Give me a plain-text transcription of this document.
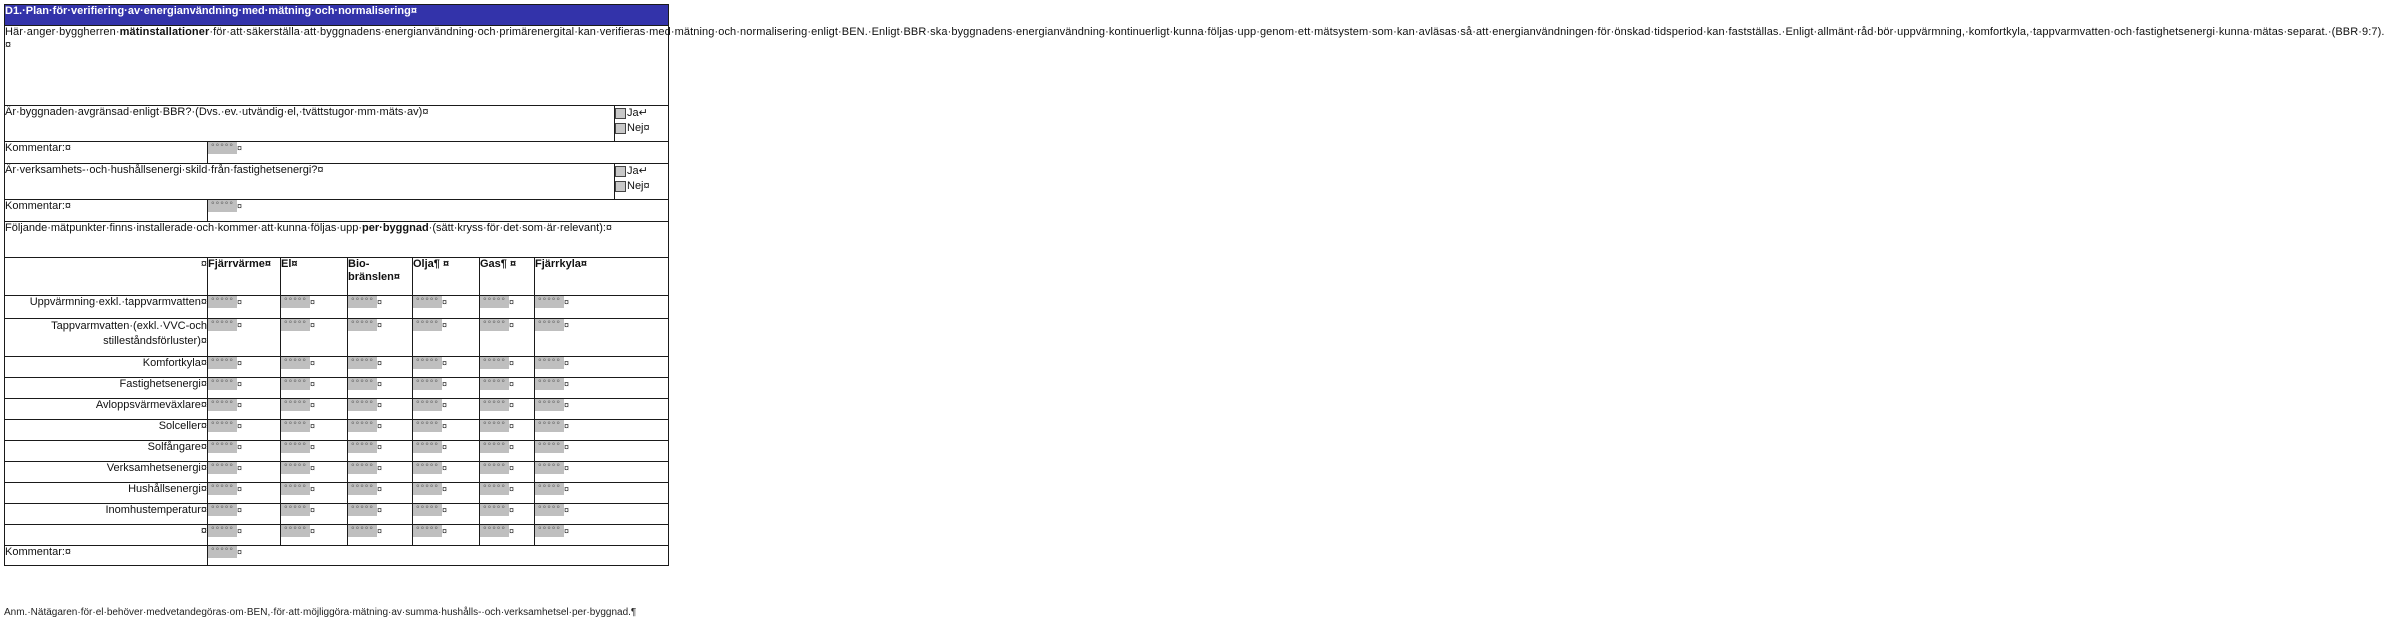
D1.·Plan·för·verifiering·av·energianvändning·med·mätning·och·normalisering¤							
Här·anger·byggherren·mätinstallationer·för·att·säkerställa·att·byggnadens·energianvändning·och·primärenergital·kan·verifieras·med·mätning·och·normalisering·enligt·BEN.·Enligt·BBR·ska·byggnadens·energianvändning·kontinuerligt·kunna·följas·upp·genom·ett·mätsystem·som·kan·avläsas·så·att·energianvändningen·för·önskad·tidsperiod·kan·fastställas.·Enligt·allmänt·råd·bör·uppvärmning,·komfortkyla,·tappvarmvatten·och·fastighetsenergi·kunna·mätas·separat.·(BBR·9:7).¤							
Är·byggnaden·avgränsad·enligt·BBR?·(Dvs.·ev.·utvändig·el,·tvättstugor·mm·mäts·av)¤							Ja↵
Nej¤

Kommentar:¤	°°°°° ¤						
Är·verksamhets-·och·hushållsenergi·skild·från·fastighetsenergi?¤							Ja↵
Nej¤

Kommentar:¤	°°°°° ¤						
Följande·mätpunkter·finns·installerade·och·kommer·att·kunna·följas·upp·per·byggnad·(sätt·kryss·för·det·som·är·relevant):¤							
¤	Fjärrvärme¤	El¤	Bio-bränslen¤	Olja¶ ¤	Gas¶ ¤	Fjärrkyla¤	
Uppvärmning·exkl.·tappvarmvatten¤	°°°°° ¤	°°°°° ¤	°°°°° ¤	°°°°° ¤	°°°°° ¤	°°°°° ¤	
Tappvarmvatten·(exkl.·VVC-och stilleståndsförluster)¤	°°°°° ¤	°°°°° ¤	°°°°° ¤	°°°°° ¤	°°°°° ¤	°°°°° ¤	
Komfortkyla¤	°°°°° ¤	°°°°° ¤	°°°°° ¤	°°°°° ¤	°°°°° ¤	°°°°° ¤	
Fastighetsenergi¤	°°°°° ¤	°°°°° ¤	°°°°° ¤	°°°°° ¤	°°°°° ¤	°°°°° ¤	
Avloppsvärmeväxlare¤	°°°°° ¤	°°°°° ¤	°°°°° ¤	°°°°° ¤	°°°°° ¤	°°°°° ¤	
Solceller¤	°°°°° ¤	°°°°° ¤	°°°°° ¤	°°°°° ¤	°°°°° ¤	°°°°° ¤	
Solfångare¤	°°°°° ¤	°°°°° ¤	°°°°° ¤	°°°°° ¤	°°°°° ¤	°°°°° ¤	
Verksamhetsenergi¤	°°°°° ¤	°°°°° ¤	°°°°° ¤	°°°°° ¤	°°°°° ¤	°°°°° ¤	
Hushållsenergi¤	°°°°° ¤	°°°°° ¤	°°°°° ¤	°°°°° ¤	°°°°° ¤	°°°°° ¤	
Inomhustemperatur¤	°°°°° ¤	°°°°° ¤	°°°°° ¤	°°°°° ¤	°°°°° ¤	°°°°° ¤	
¤	°°°°° ¤	°°°°° ¤	°°°°° ¤	°°°°° ¤	°°°°° ¤	°°°°° ¤	
Kommentar:¤	°°°°° ¤						
Anm.·Nätägaren·för·el·behöver·medvetandegöras·om·BEN,·för·att·möjliggöra·mätning·av·summa·hushålls-·och·verksamhetsel·per·byggnad.¶
